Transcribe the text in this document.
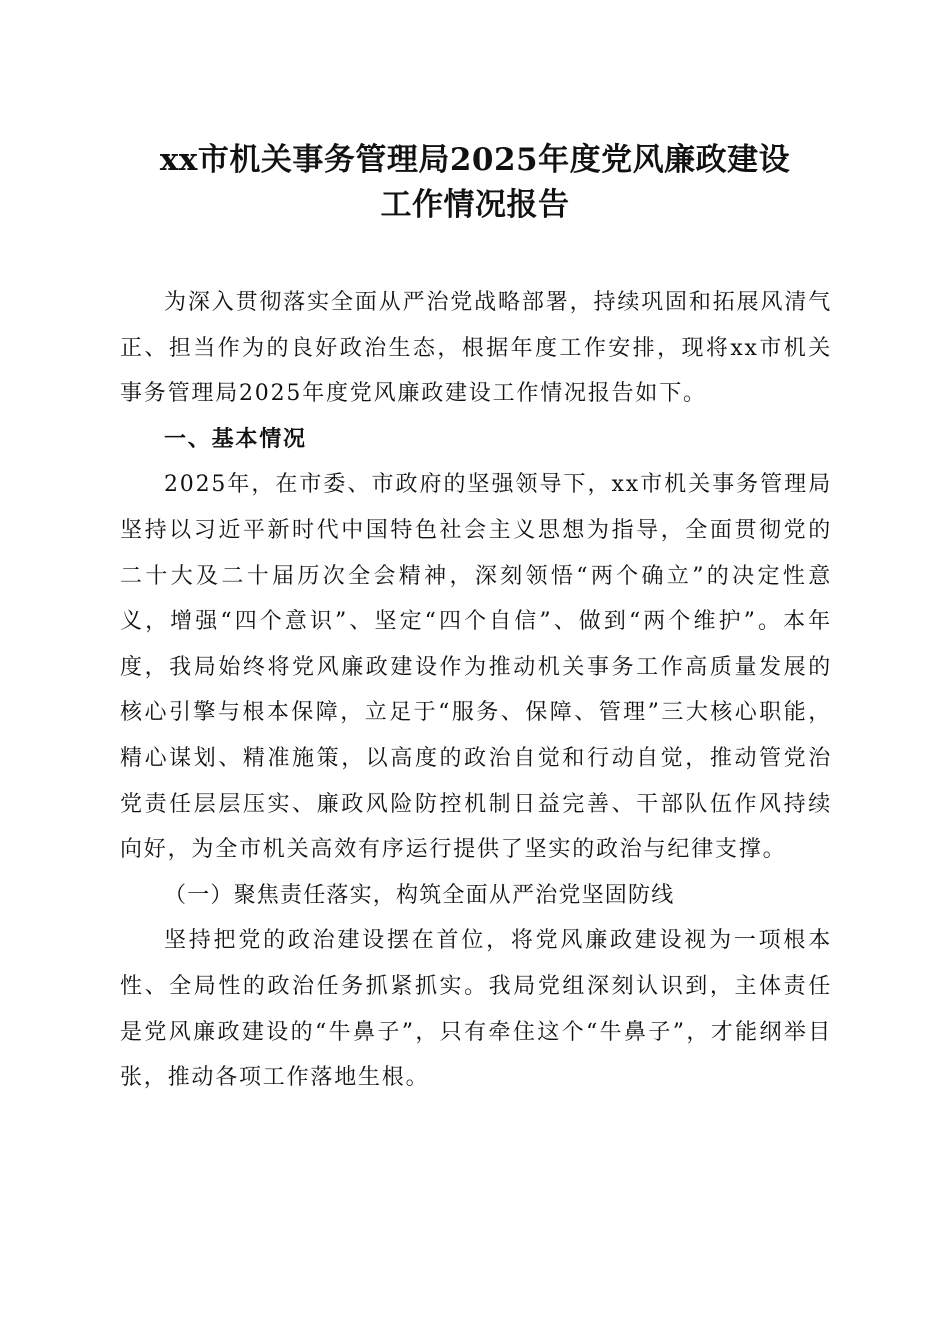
xx市机关事务管理局2025年度党风廉政建设
工作情况报告

为深入贯彻落实全面从严治党战略部署，持续巩固和拓展风清气正、担当作为的良好政治生态，根据年度工作安排，现将xx市机关事务管理局2025年度党风廉政建设工作情况报告如下。

一、基本情况

2025年，在市委、市政府的坚强领导下，xx市机关事务管理局坚持以习近平新时代中国特色社会主义思想为指导，全面贯彻党的二十大及二十届历次全会精神，深刻领悟“两个确立”的决定性意义，增强“四个意识”、坚定“四个自信”、做到“两个维护”。本年度，我局始终将党风廉政建设作为推动机关事务工作高质量发展的核心引擎与根本保障，立足于“服务、保障、管理”三大核心职能，精心谋划、精准施策，以高度的政治自觉和行动自觉，推动管党治党责任层层压实、廉政风险防控机制日益完善、干部队伍作风持续向好，为全市机关高效有序运行提供了坚实的政治与纪律支撑。

（一）聚焦责任落实，构筑全面从严治党坚固防线

坚持把党的政治建设摆在首位，将党风廉政建设视为一项根本性、全局性的政治任务抓紧抓实。我局党组深刻认识到，主体责任是党风廉政建设的“牛鼻子”，只有牵住这个“牛鼻子”，才能纲举目张，推动各项工作落地生根。
